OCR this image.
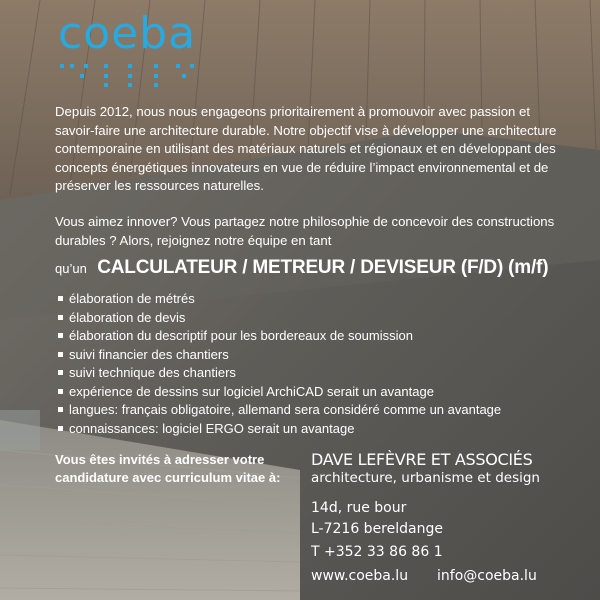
coeba

Depuis 2012, nous nous engageons prioritairement à promouvoir avec passion et savoir-faire une architecture durable. Notre objectif vise à développer une architecture contemporaine en utilisant des matériaux naturels et régionaux et en développant des concepts énergétiques innovateurs en vue de réduire l’impact environnemental et de préserver les ressources naturelles.

Vous aimez innover? Vous partagez notre philosophie de concevoir des constructions durables ? Alors, rejoignez notre équipe en tant

qu’un CALCULATEUR / METREUR / DEVISEUR (F/D) (m/f)
élaboration de métrés
élaboration de devis
élaboration du descriptif pour les bordereaux de soumission
suivi financier des chantiers
suivi technique des chantiers
expérience de dessins sur logiciel ArchiCAD serait un avantage
langues: français obligatoire, allemand sera considéré comme un avantage
connaissances: logiciel ERGO serait un avantage

Vous êtes invités à adresser votre candidature avec curriculum vitae à:

DAVE LEFÈVRE ET ASSOCIÉS
architecture, urbanisme et design
14d, rue bour
L-7216 bereldange
T +352 33 86 86 1
www.coeba.lu info@coeba.lu
